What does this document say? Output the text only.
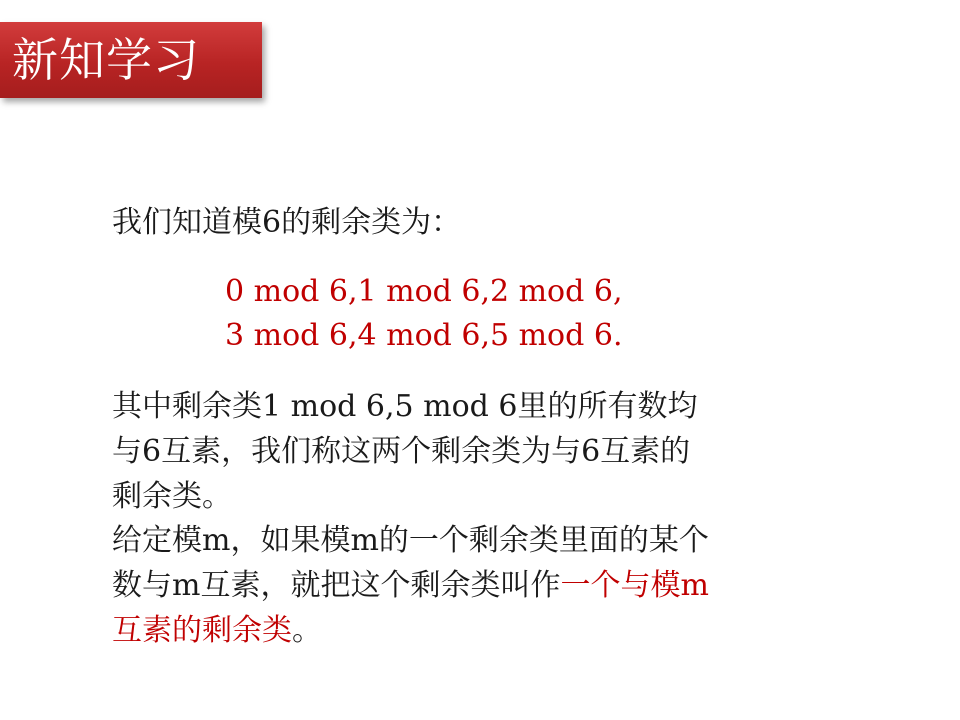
新知学习
我们知道模6的剩余类为：
0 mod 6,1 mod 6,2 mod 6,
3 mod 6,4 mod 6,5 mod 6.
其中剩余类1 mod 6,5 mod 6里的所有数均
与6互素，我们称这两个剩余类为与6互素的
剩余类。
给定模m，如果模m的一个剩余类里面的某个
数与m互素，就把这个剩余类叫作一个与模m
互素的剩余类。
